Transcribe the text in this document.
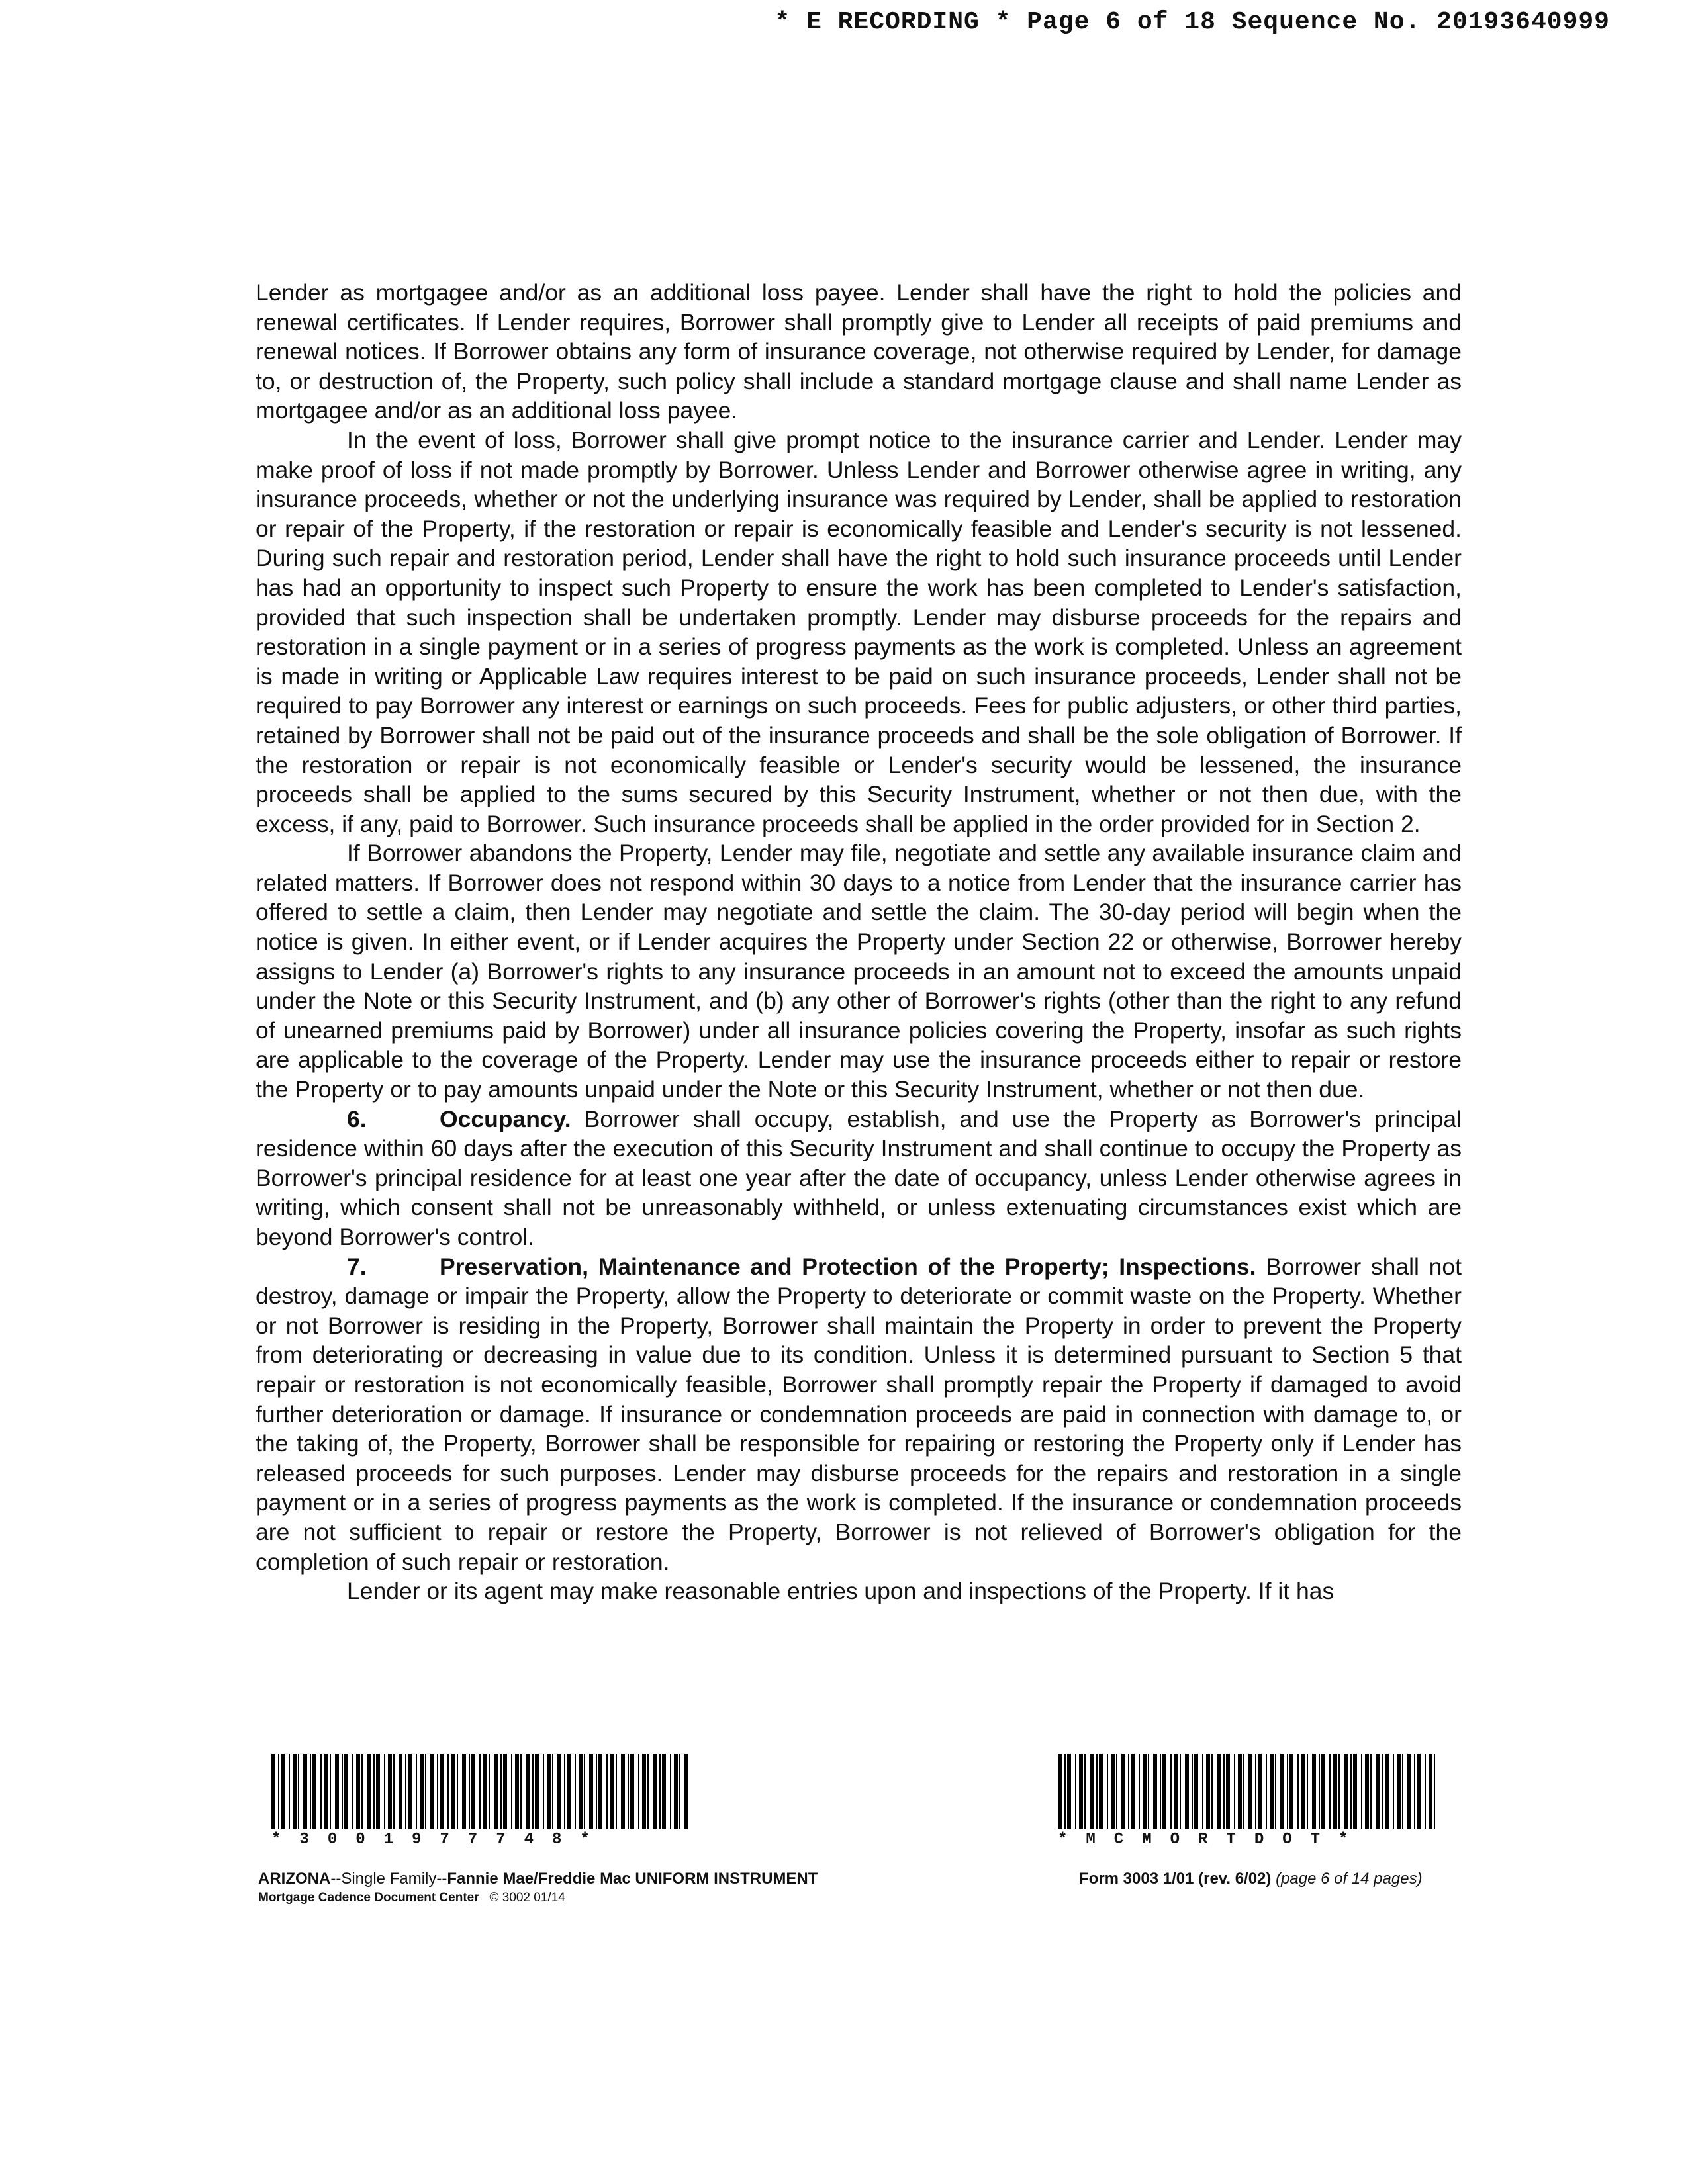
* E RECORDING * Page 6 of 18 Sequence No. 20193640999

Lender as mortgagee and/or as an additional loss payee. Lender shall have the right to hold the policies and renewal certificates. If Lender requires, Borrower shall promptly give to Lender all receipts of paid premiums and renewal notices. If Borrower obtains any form of insurance coverage, not otherwise required by Lender, for damage to, or destruction of, the Property, such policy shall include a standard mortgage clause and shall name Lender as mortgagee and/or as an additional loss payee.

In the event of loss, Borrower shall give prompt notice to the insurance carrier and Lender. Lender may make proof of loss if not made promptly by Borrower. Unless Lender and Borrower otherwise agree in writing, any insurance proceeds, whether or not the underlying insurance was required by Lender, shall be applied to restoration or repair of the Property, if the restoration or repair is economically feasible and Lender's security is not lessened. During such repair and restoration period, Lender shall have the right to hold such insurance proceeds until Lender has had an opportunity to inspect such Property to ensure the work has been completed to Lender's satisfaction, provided that such inspection shall be undertaken promptly. Lender may disburse proceeds for the repairs and restoration in a single payment or in a series of progress payments as the work is completed. Unless an agreement is made in writing or Applicable Law requires interest to be paid on such insurance proceeds, Lender shall not be required to pay Borrower any interest or earnings on such proceeds. Fees for public adjusters, or other third parties, retained by Borrower shall not be paid out of the insurance proceeds and shall be the sole obligation of Borrower. If the restoration or repair is not economically feasible or Lender's security would be lessened, the insurance proceeds shall be applied to the sums secured by this Security Instrument, whether or not then due, with the excess, if any, paid to Borrower. Such insurance proceeds shall be applied in the order provided for in Section 2.

If Borrower abandons the Property, Lender may file, negotiate and settle any available insurance claim and related matters. If Borrower does not respond within 30 days to a notice from Lender that the insurance carrier has offered to settle a claim, then Lender may negotiate and settle the claim. The 30-day period will begin when the notice is given. In either event, or if Lender acquires the Property under Section 22 or otherwise, Borrower hereby assigns to Lender (a) Borrower's rights to any insurance proceeds in an amount not to exceed the amounts unpaid under the Note or this Security Instrument, and (b) any other of Borrower's rights (other than the right to any refund of unearned premiums paid by Borrower) under all insurance policies covering the Property, insofar as such rights are applicable to the coverage of the Property. Lender may use the insurance proceeds either to repair or restore the Property or to pay amounts unpaid under the Note or this Security Instrument, whether or not then due.

6.	Occupancy. Borrower shall occupy, establish, and use the Property as Borrower's principal residence within 60 days after the execution of this Security Instrument and shall continue to occupy the Property as Borrower's principal residence for at least one year after the date of occupancy, unless Lender otherwise agrees in writing, which consent shall not be unreasonably withheld, or unless extenuating circumstances exist which are beyond Borrower's control.

7.	Preservation, Maintenance and Protection of the Property; Inspections. Borrower shall not destroy, damage or impair the Property, allow the Property to deteriorate or commit waste on the Property. Whether or not Borrower is residing in the Property, Borrower shall maintain the Property in order to prevent the Property from deteriorating or decreasing in value due to its condition. Unless it is determined pursuant to Section 5 that repair or restoration is not economically feasible, Borrower shall promptly repair the Property if damaged to avoid further deterioration or damage. If insurance or condemnation proceeds are paid in connection with damage to, or the taking of, the Property, Borrower shall be responsible for repairing or restoring the Property only if Lender has released proceeds for such purposes. Lender may disburse proceeds for the repairs and restoration in a single payment or in a series of progress payments as the work is completed. If the insurance or condemnation proceeds are not sufficient to repair or restore the Property, Borrower is not relieved of Borrower's obligation for the completion of such repair or restoration.

Lender or its agent may make reasonable entries upon and inspections of the Property. If it has

*3001977748*	*MCMORTDOT*
ARIZONA--Single Family--Fannie Mae/Freddie Mac UNIFORM INSTRUMENT
Mortgage Cadence Document Center © 3002 01/14
Form 3003 1/01 (rev. 6/02) (page 6 of 14 pages)
